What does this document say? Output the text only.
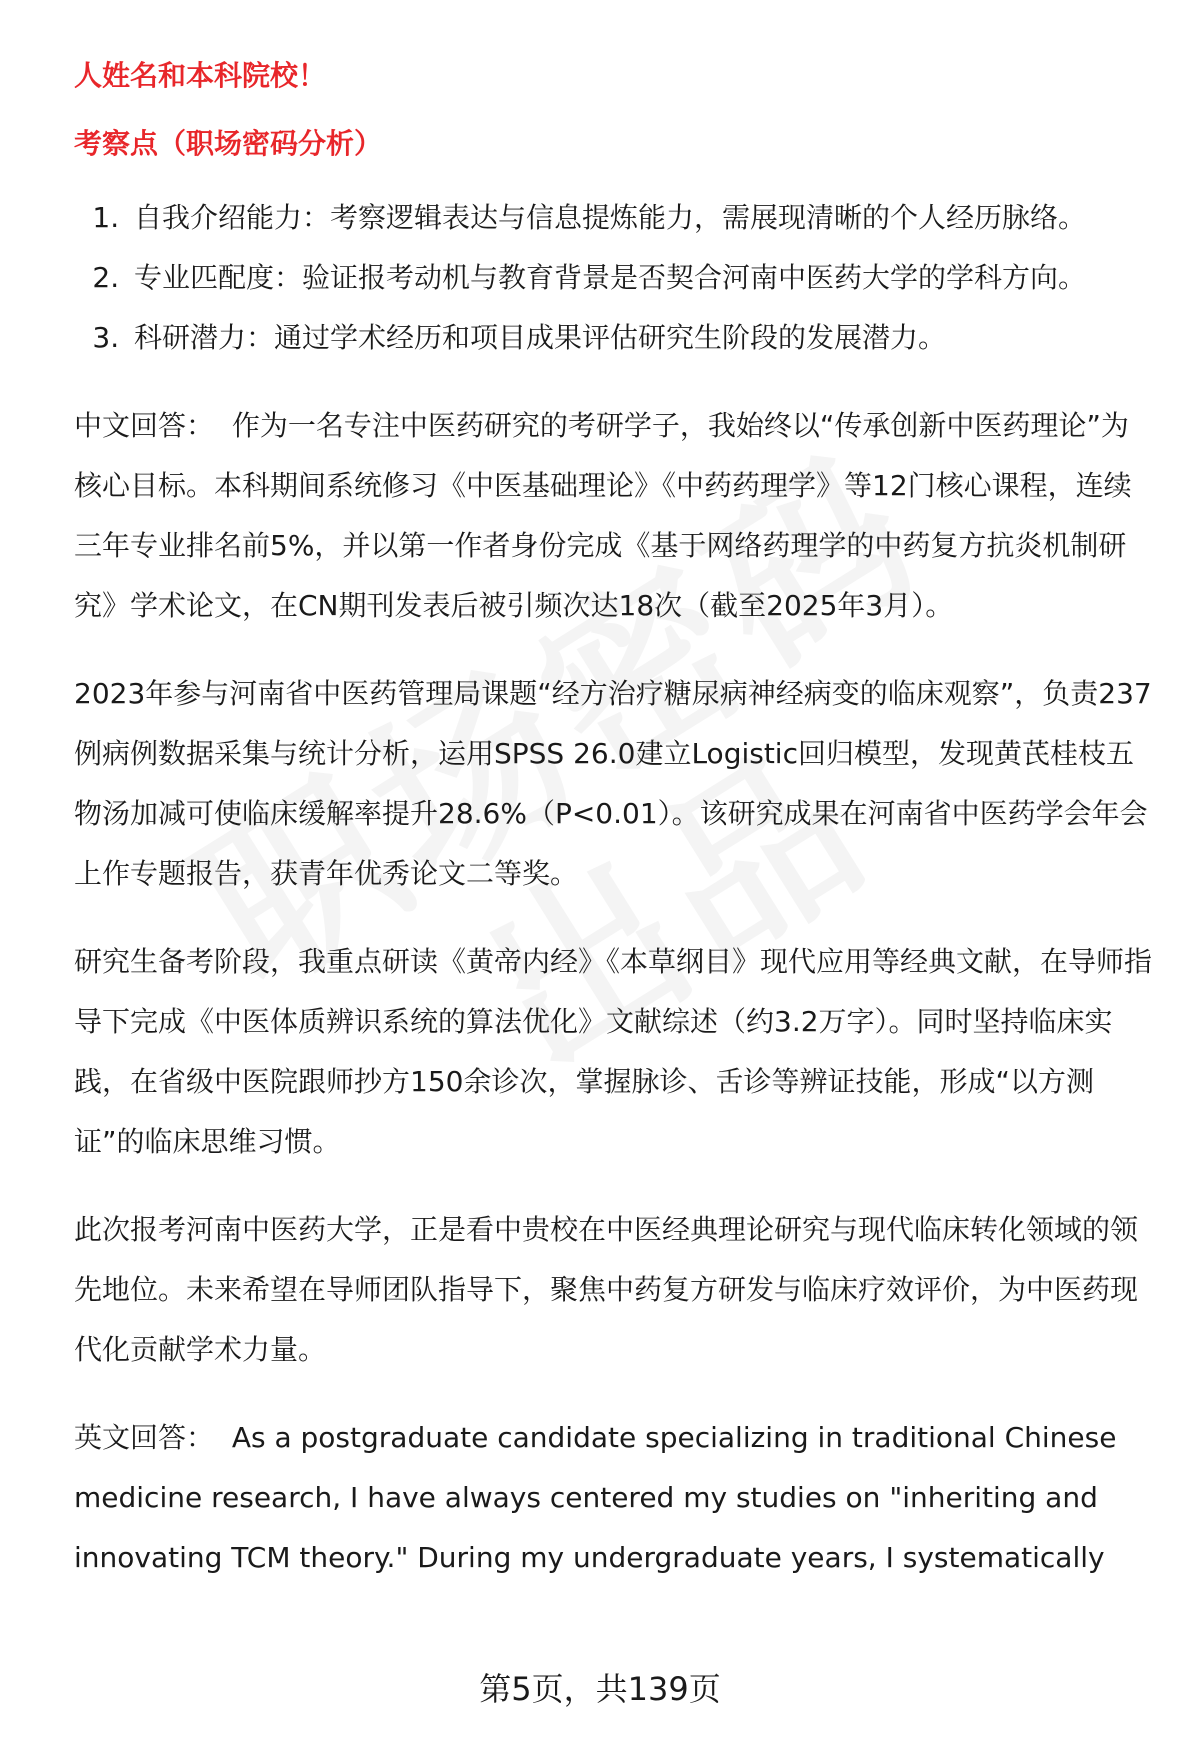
人姓名和本科院校！

考察点（职场密码分析）

1. 自我介绍能力：考察逻辑表达与信息提炼能力，需展现清晰的个人经历脉络。
2. 专业匹配度：验证报考动机与教育背景是否契合河南中医药大学的学科方向。
3. 科研潜力：通过学术经历和项目成果评估研究生阶段的发展潜力。

中文回答： 作为一名专注中医药研究的考研学子，我始终以“传承创新中医药理论”为核心目标。本科期间系统修习《中医基础理论》《中药药理学》等12门核心课程，连续三年专业排名前5%，并以第一作者身份完成《基于网络药理学的中药复方抗炎机制研究》学术论文，在CN期刊发表后被引频次达18次（截至2025年3月）。

2023年参与河南省中医药管理局课题“经方治疗糖尿病神经病变的临床观察”，负责237例病例数据采集与统计分析，运用SPSS 26.0建立Logistic回归模型，发现黄芪桂枝五物汤加减可使临床缓解率提升28.6%（P<0.01）。该研究成果在河南省中医药学会年会上作专题报告，获青年优秀论文二等奖。

研究生备考阶段，我重点研读《黄帝内经》《本草纲目》现代应用等经典文献，在导师指导下完成《中医体质辨识系统的算法优化》文献综述（约3.2万字）。同时坚持临床实践，在省级中医院跟师抄方150余诊次，掌握脉诊、舌诊等辨证技能，形成“以方测证”的临床思维习惯。

此次报考河南中医药大学，正是看中贵校在中医经典理论研究与现代临床转化领域的领先地位。未来希望在导师团队指导下，聚焦中药复方研发与临床疗效评价，为中医药现代化贡献学术力量。

英文回答： As a postgraduate candidate specializing in traditional Chinese medicine research, I have always centered my studies on "inheriting and innovating TCM theory." During my undergraduate years, I systematically

第5页，共139页
